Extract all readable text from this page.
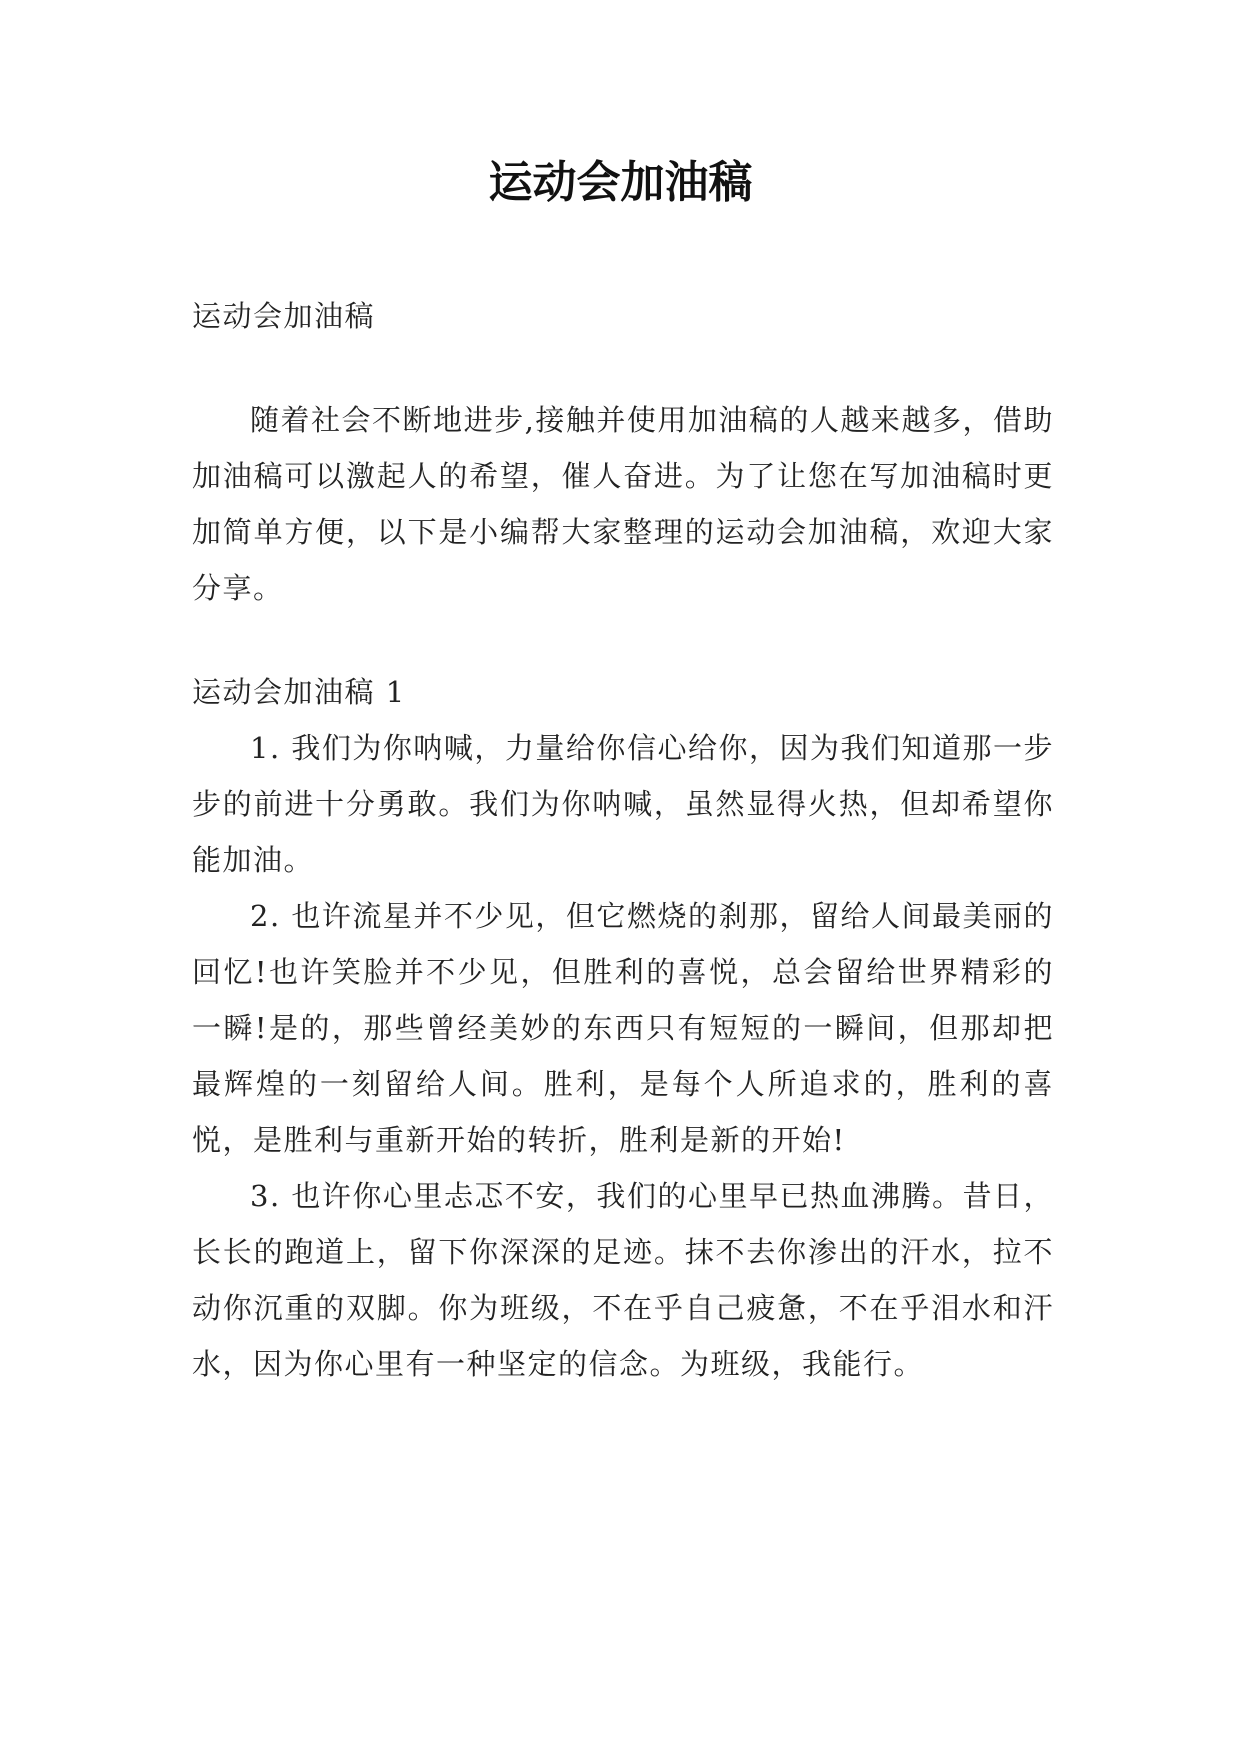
运动会加油稿

运动会加油稿

随着社会不断地进步,接触并使用加油稿的人越来越多，借助加油稿可以激起人的希望，催人奋进。为了让您在写加油稿时更加简单方便，以下是小编帮大家整理的运动会加油稿，欢迎大家分享。

运动会加油稿 1

1. 我们为你呐喊，力量给你信心给你，因为我们知道那一步步的前进十分勇敢。我们为你呐喊，虽然显得火热，但却希望你能加油。

2. 也许流星并不少见，但它燃烧的刹那，留给人间最美丽的回忆!也许笑脸并不少见，但胜利的喜悦，总会留给世界精彩的一瞬!是的，那些曾经美妙的东西只有短短的一瞬间，但那却把最辉煌的一刻留给人间。胜利，是每个人所追求的，胜利的喜悦，是胜利与重新开始的转折，胜利是新的开始!

3. 也许你心里忐忑不安，我们的心里早已热血沸腾。昔日，长长的跑道上，留下你深深的足迹。抹不去你渗出的汗水，拉不动你沉重的双脚。你为班级，不在乎自己疲惫，不在乎泪水和汗水，因为你心里有一种坚定的信念。为班级，我能行。
